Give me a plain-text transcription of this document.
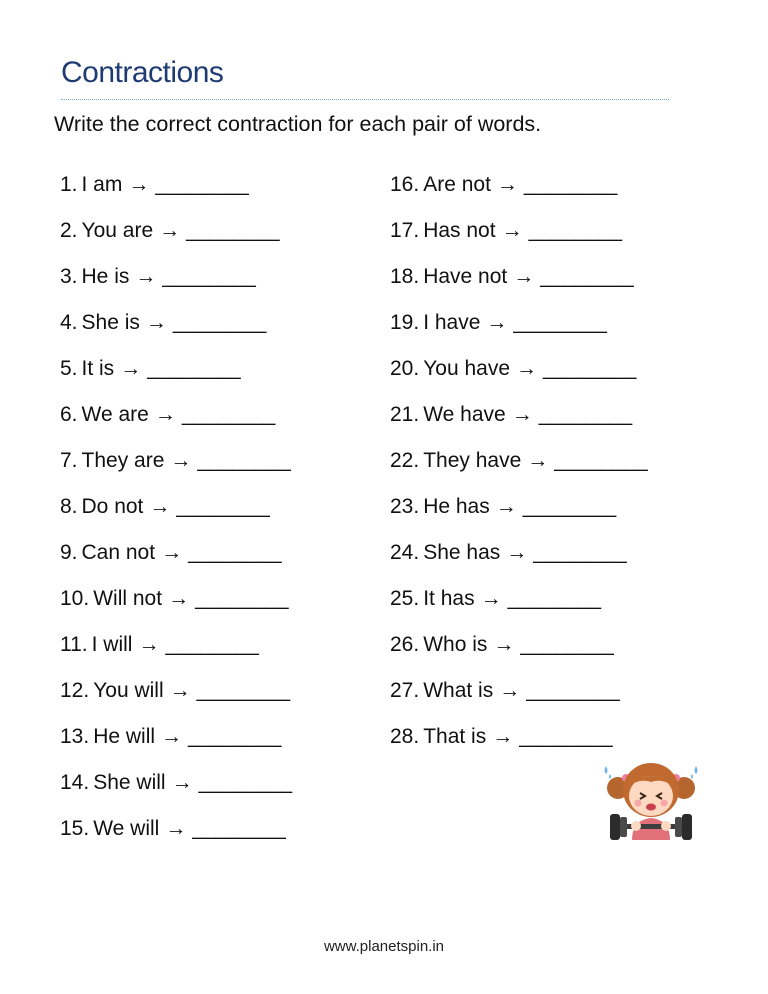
Contractions
Write the correct contraction for each pair of words.
1.I am → ________
2. You are → ________
3. He is → ________
4. She is → ________
5. It is → ________
6. We are → ________
7. They are → ________
8. Do not → ________
9. Can not → ________
10. Will not → ________
11. I will → ________
12. You will → ________
13. He will → ________
14. She will → ________
15. We will → ________
16. Are not → ________
17. Has not → ________
18. Have not → ________
19. I have → ________
20. You have → ________
21. We have → ________
22. They have → ________
23. He has → ________
24. She has → ________
25. It has → ________
26. Who is → ________
27. What is → ________
28. That is → ________
www.planetspin.in
